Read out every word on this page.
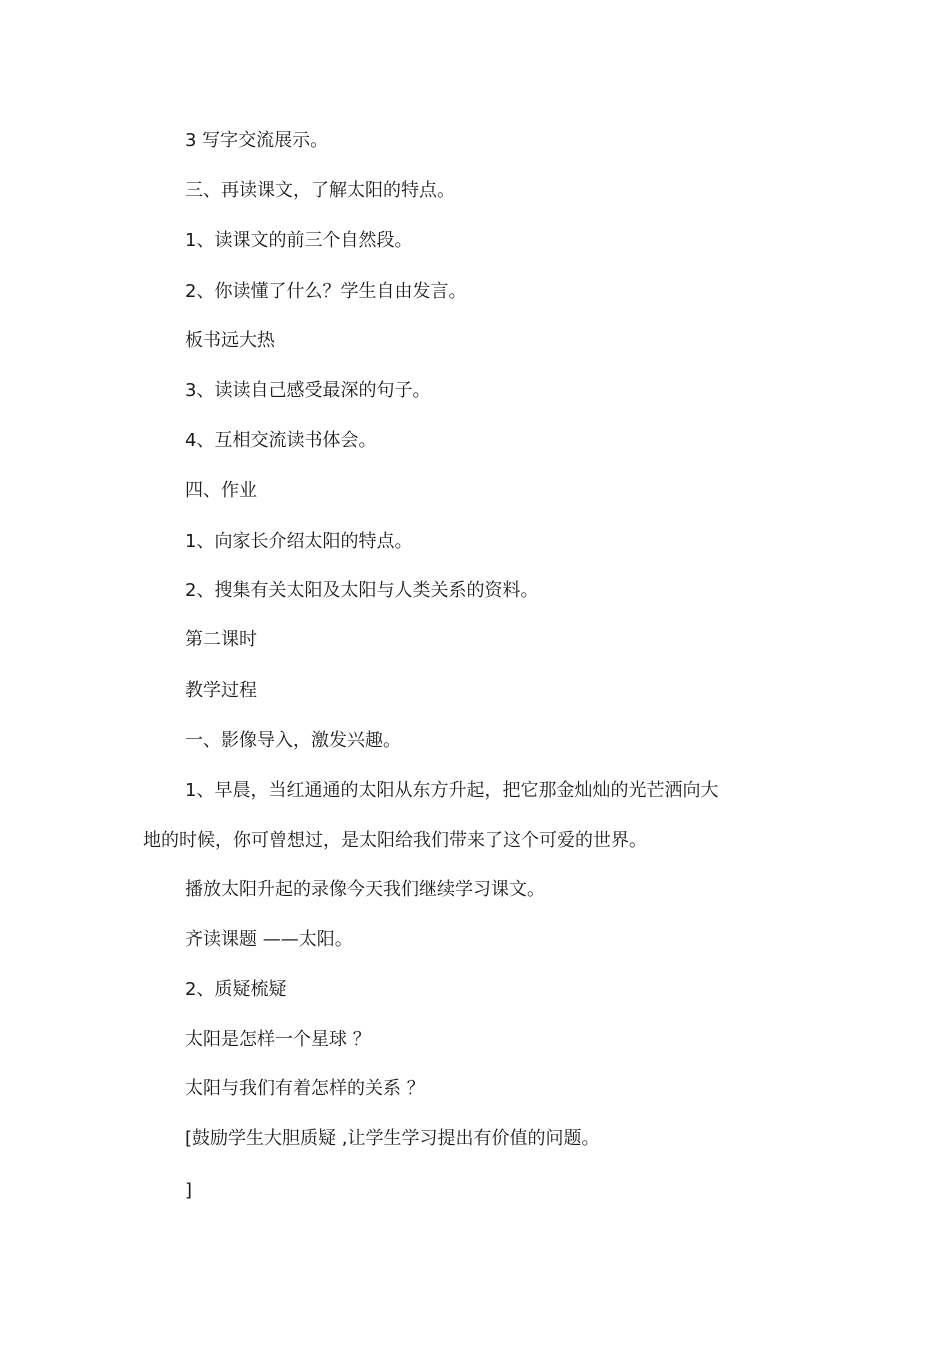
3 写字交流展示。
三、再读课文，了解太阳的特点。
1、读课文的前三个自然段。
2、你读懂了什么？学生自由发言。
板书远大热
3、读读自己感受最深的句子。
4、互相交流读书体会。
四、作业
1、向家长介绍太阳的特点。
2、搜集有关太阳及太阳与人类关系的资料。
第二课时
教学过程
一、影像导入，激发兴趣。
1、早晨，当红通通的太阳从东方升起，把它那金灿灿的光芒洒向大
地的时候，你可曾想过，是太阳给我们带来了这个可爱的世界。
播放太阳升起的录像今天我们继续学习课文。
齐读课题 ——太阳。
2、质疑梳疑
太阳是怎样一个星球 ？
太阳与我们有着怎样的关系 ？
[鼓励学生大胆质疑 ,让学生学习提出有价值的问题。
]
